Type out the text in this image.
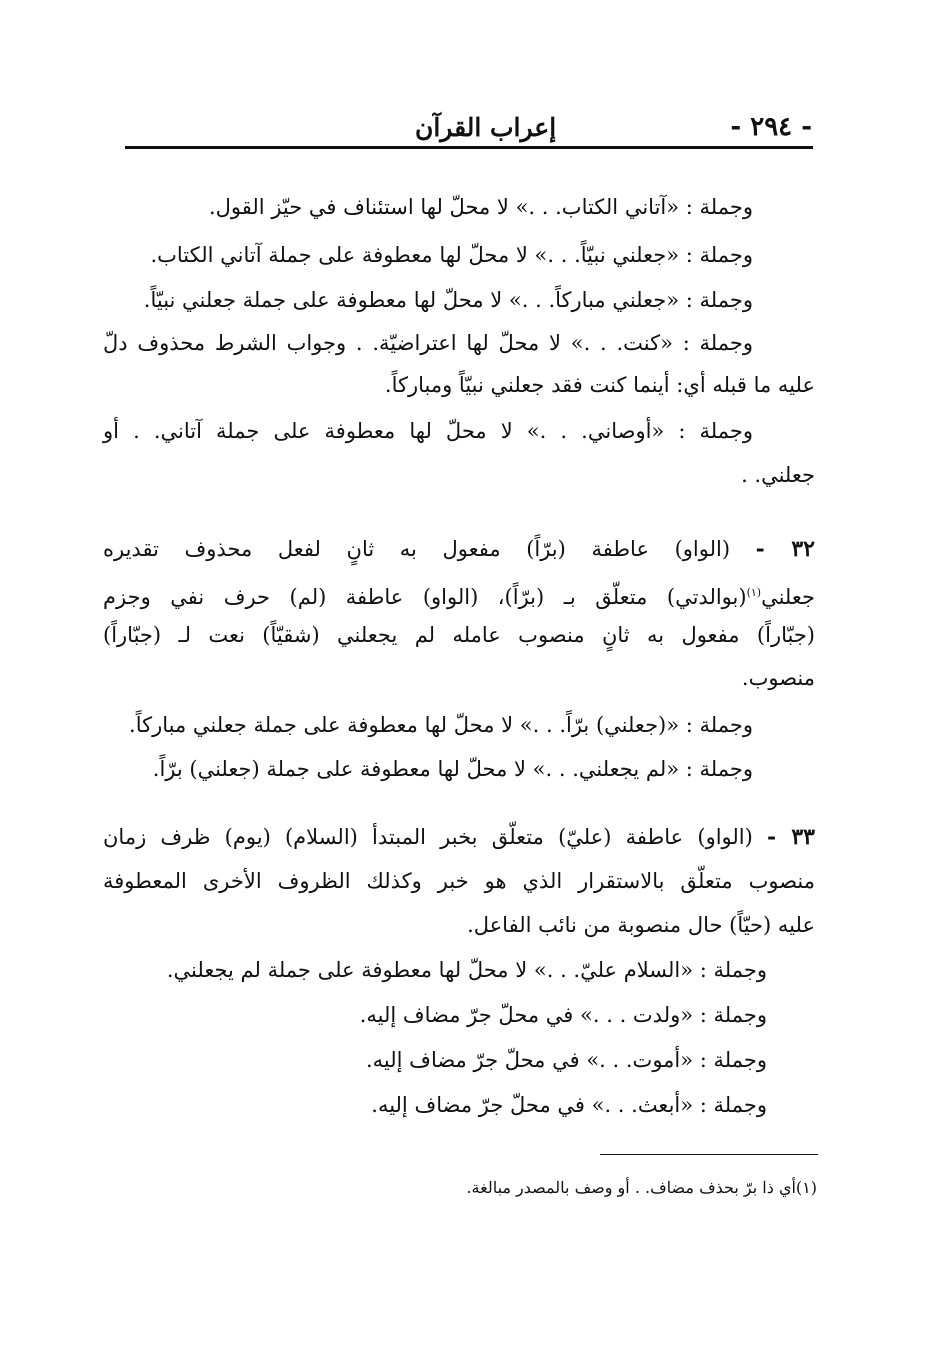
- ٢٩٤ -
إعراب القرآن
وجملة : «آتاني الكتاب. . .» لا محلّ لها استئناف في حيّز القول.
وجملة : «جعلني نبيّاً. . .» لا محلّ لها معطوفة على جملة آتاني الكتاب.
وجملة : «جعلني مباركاً. . .» لا محلّ لها معطوفة على جملة جعلني نبيّاً.
وجملة : «كنت. . .» لا محلّ لها اعتراضيّة. . وجواب الشرط محذوف دلّ
عليه ما قبله أي: أينما كنت فقد جعلني نبيّاً ومباركاً.
وجملة : «أوصاني. . .» لا محلّ لها معطوفة على جملة آتاني. . أو
جعلني. .
٣٢ - (الواو) عاطفة (برّاً) مفعول به ثانٍ لفعل محذوف تقديره
جعلني$^{(١)}$(بوالدتي) متعلّق بـ (برّاً)، (الواو) عاطفة (لم) حرف نفي وجزم
(جبّاراً) مفعول به ثانٍ منصوب عامله لم يجعلني (شقيّاً) نعت لـ (جبّاراً)
منصوب.
وجملة : «(جعلني) برّاً. . .» لا محلّ لها معطوفة على جملة جعلني مباركاً.
وجملة : «لم يجعلني. . .» لا محلّ لها معطوفة على جملة (جعلني) برّاً.
٣٣ - (الواو) عاطفة (عليّ) متعلّق بخبر المبتدأ (السلام) (يوم) ظرف زمان
منصوب متعلّق بالاستقرار الذي هو خبر وكذلك الظروف الأخرى المعطوفة
عليه (حيّاً) حال منصوبة من نائب الفاعل.
وجملة : «السلام عليّ. . .» لا محلّ لها معطوفة على جملة لم يجعلني.
وجملة : «ولدت . . .» في محلّ جرّ مضاف إليه.
وجملة : «أموت. . .» في محلّ جرّ مضاف إليه.
وجملة : «أبعث. . .» في محلّ جرّ مضاف إليه.
(١)أي ذا برّ بحذف مضاف. . أو وصف بالمصدر مبالغة.
